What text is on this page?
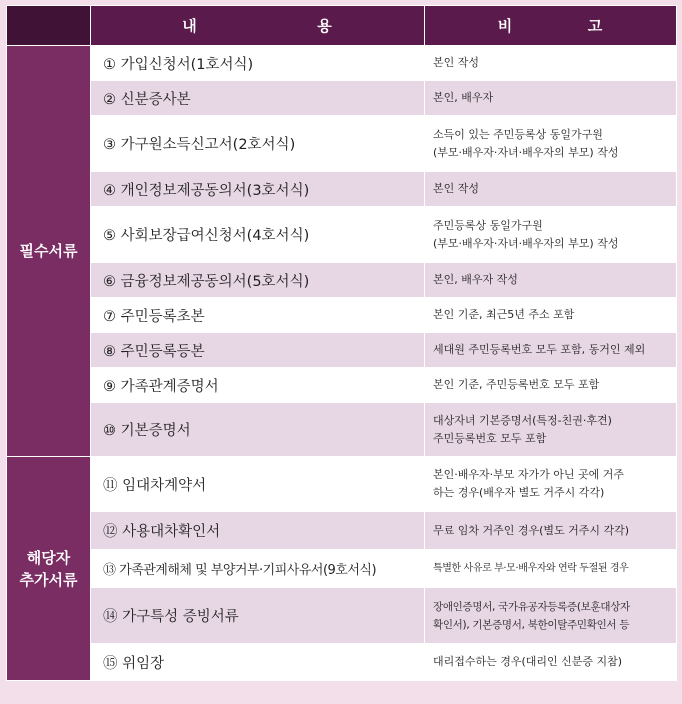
	내 용	비 고
필수서류	① 가입신청서(1호서식)	본인 작성

	② 신분증사본	본인, 배우자

	③ 가구원소득신고서(2호서식)	소득이 있는 주민등록상 동일가구원
(부모·배우자·자녀·배우자의 부모) 작성

	④ 개인정보제공동의서(3호서식)	본인 작성

	⑤ 사회보장급여신청서(4호서식)	주민등록상 동일가구원
(부모·배우자·자녀·배우자의 부모) 작성

	⑥ 금융정보제공동의서(5호서식)	본인, 배우자 작성

	⑦ 주민등록초본	본인 기준, 최근5년 주소 포함

	⑧ 주민등록등본	세대원 주민등록번호 모두 포함, 동거인 제외

	⑨ 가족관계증명서	본인 기준, 주민등록번호 모두 포함

	⑩ 기본증명서	대상자녀 기본증명서(특정-친권·후견)
주민등록번호 모두 포함

해당자
추가서류	⑪ 임대차계약서	본인·배우자·부모 자가가 아닌 곳에 거주
하는 경우(배우자 별도 거주시 각각)

	⑫ 사용대차확인서	무료 임차 거주인 경우(별도 거주시 각각)

	⑬ 가족관계해체 및 부양거부·기피사유서(9호서식)	특별한 사유로 부·모·배우자와 연락 두절된 경우

	⑭ 가구특성 증빙서류	장애인증명서, 국가유공자등록증(보훈대상자
확인서), 기본증명서, 북한이탈주민확인서 등

	⑮ 위임장	대리접수하는 경우(대리인 신분증 지참)
